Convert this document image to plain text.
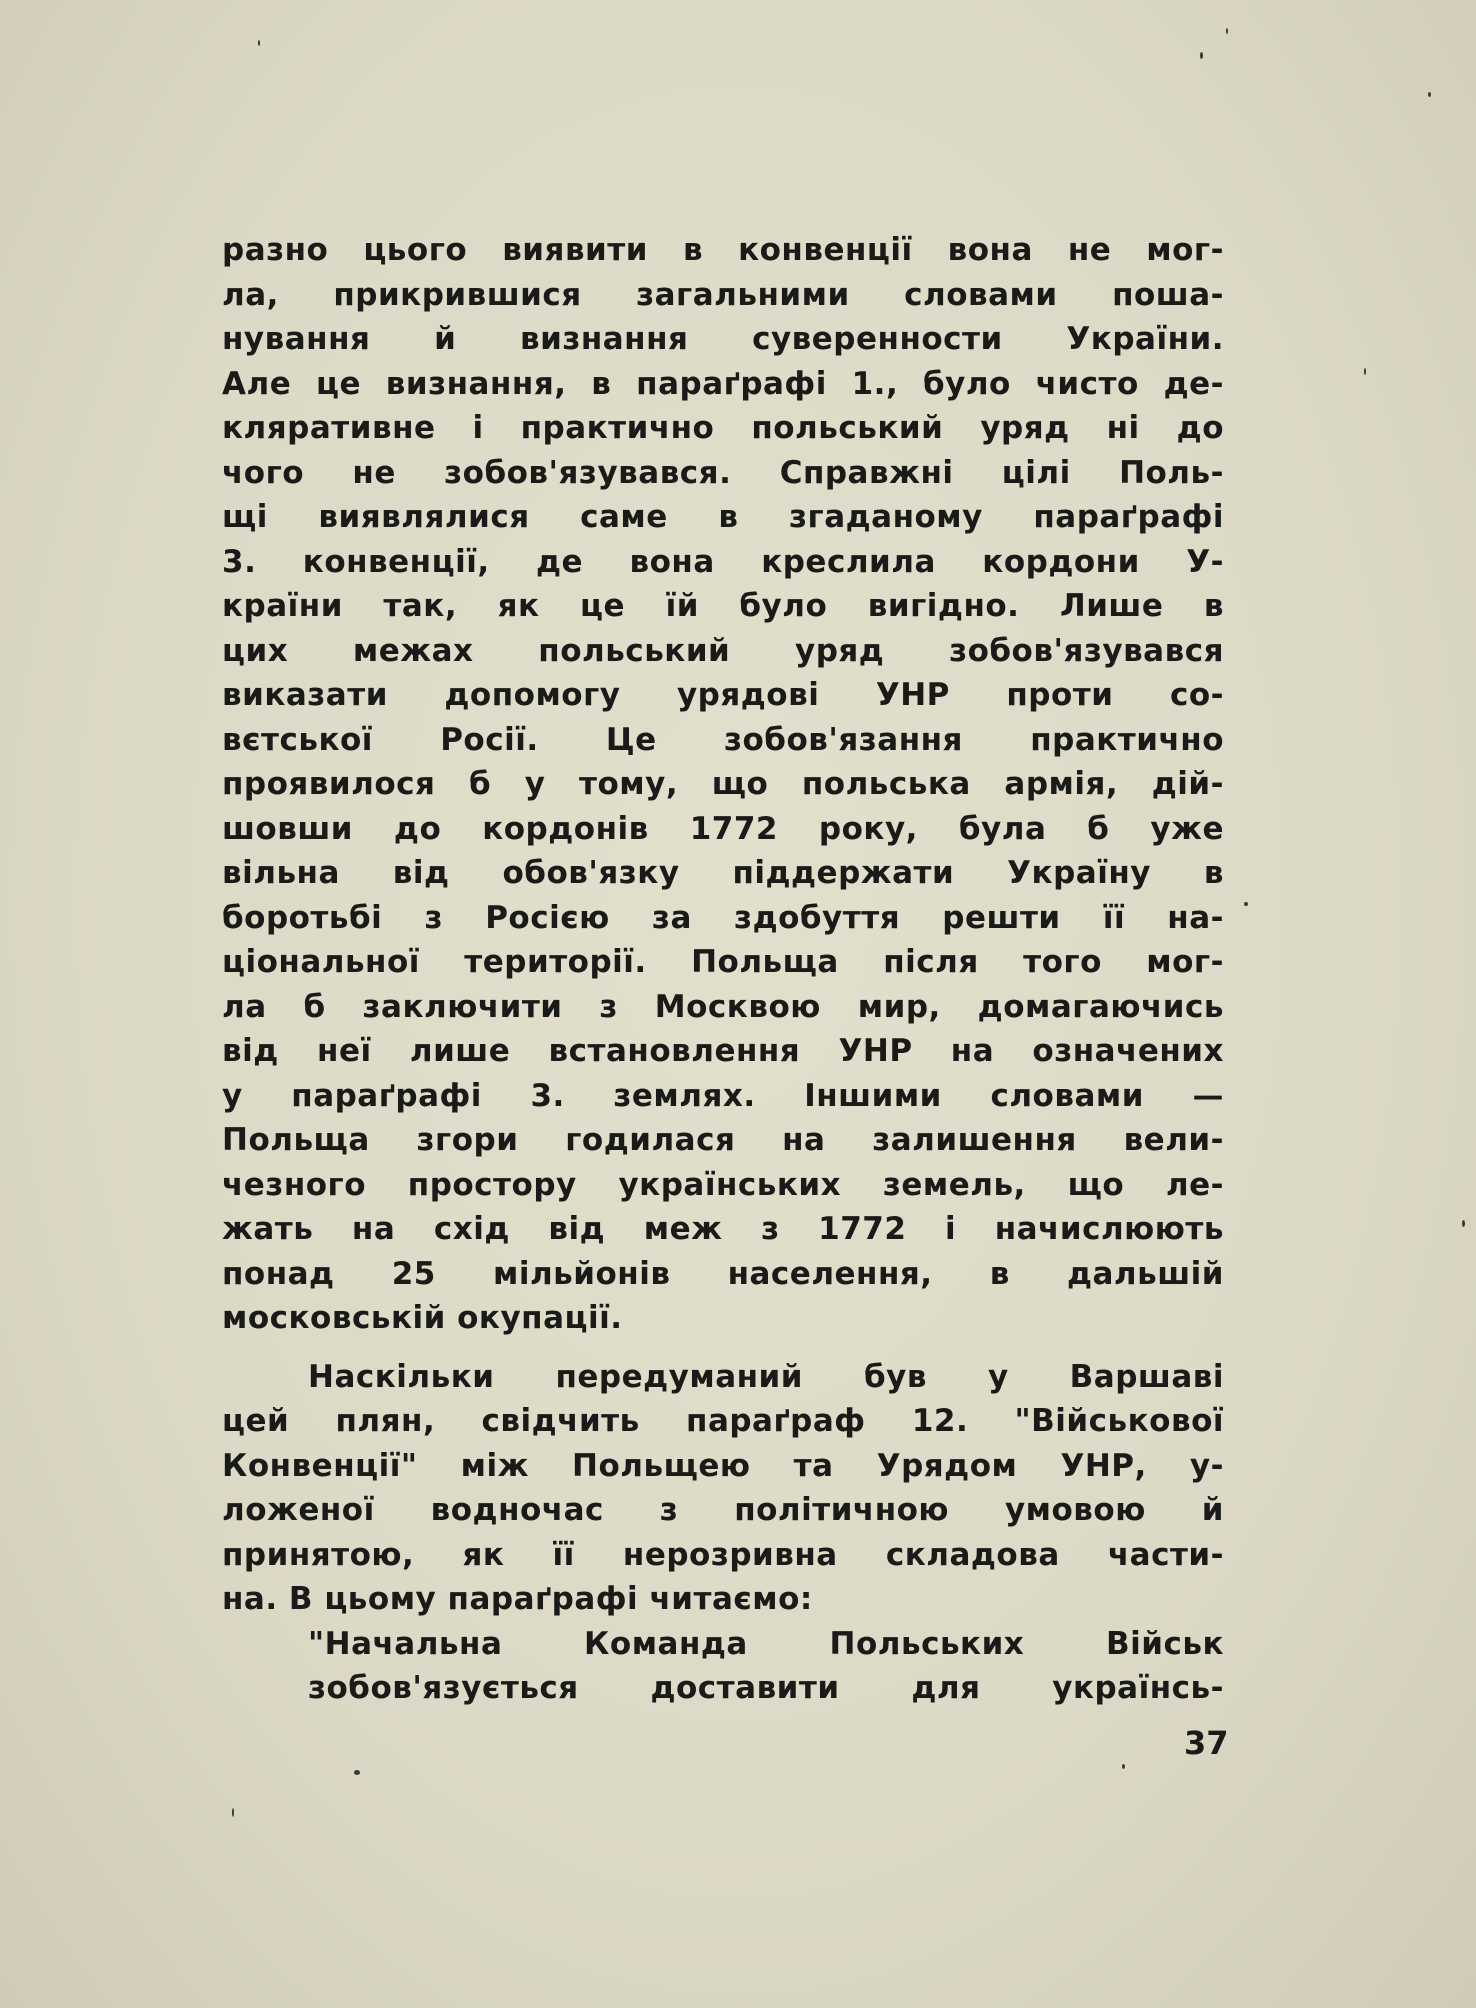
разно цього виявити в конвенції вона не мог-
ла, прикрившися загальними словами поша-
нування й визнання суверенности України.
Але це визнання, в параґрафі 1., було чисто де-
кляративне і практично польський уряд ні до
чого не зобов'язувався. Справжні цілі Поль-
щі виявлялися саме в згаданому параґрафі
3. конвенції, де вона креслила кордони У-
країни так, як це їй було вигідно. Лише в
цих межах польський уряд зобов'язувався
виказати допомогу урядові УНР проти со-
вєтської Росії. Це зобов'язання практично
проявилося б у тому, що польська армія, дій-
шовши до кордонів 1772 року, була б уже
вільна від обов'язку піддержати Україну в
боротьбі з Росією за здобуття решти її на-
ціональної території. Польща після того мог-
ла б заключити з Москвою мир, домагаючись
від неї лише встановлення УНР на означених
у параґрафі 3. землях. Іншими словами —
Польща згори годилася на залишення вели-
чезного простору українських земель, що ле-
жать на схід від меж з 1772 і начислюють
понад 25 мільйонів населення, в дальшій
московській окупації.
Наскільки передуманий був у Варшаві
цей плян, свідчить параґраф 12. "Військової
Конвенції" між Польщею та Урядом УНР, у-
ложеної водночас з політичною умовою й
принятою, як її нерозривна складова части-
на. В цьому параґрафі читаємо:
"Начальна Команда Польських Військ
зобов'язується доставити для українсь-
37
